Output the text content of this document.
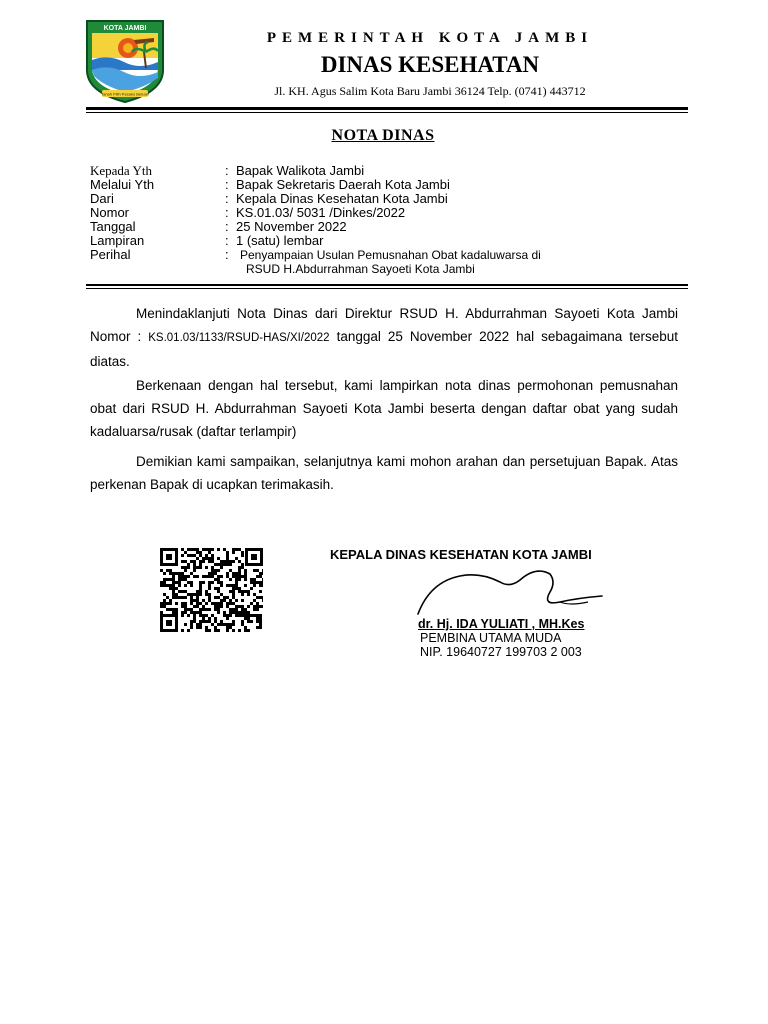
KOTA JAMBI
Tanah Pilih Pesako Betuah
PEMERINTAH KOTA JAMBI
DINAS KESEHATAN
Jl. KH. Agus Salim Kota Baru Jambi 36124 Telp. (0741) 443712
NOTA DINAS
Kepada Yth	: Bapak Walikota Jambi
Melalui Yth	: Bapak Sekretaris Daerah Kota Jambi
Dari	: Kepala Dinas Kesehatan Kota Jambi
Nomor	: KS.01.03/ 5031 /Dinkes/2022
Tanggal	: 25 November 2022
Lampiran	: 1 (satu) lembar
Perihal	: Penyampaian Usulan Pemusnahan Obat kadaluwarsa di
RSUD H.Abdurrahman Sayoeti Kota Jambi
Menindaklanjuti Nota Dinas dari Direktur RSUD H. Abdurrahman Sayoeti Kota Jambi Nomor : KS.01.03/1133/RSUD-HAS/XI/2022 tanggal 25 November 2022 hal sebagaimana tersebut diatas.
Berkenaan dengan hal tersebut, kami lampirkan nota dinas permohonan pemusnahan obat dari RSUD H. Abdurrahman Sayoeti Kota Jambi beserta dengan daftar obat yang sudah kadaluarsa/rusak (daftar terlampir)
Demikian kami sampaikan, selanjutnya kami mohon arahan dan persetujuan Bapak. Atas perkenan Bapak di ucapkan terimakasih.
KEPALA DINAS KESEHATAN KOTA JAMBI
dr. Hj. IDA YULIATI , MH.Kes
PEMBINA UTAMA MUDA
NIP. 19640727 199703 2 003
